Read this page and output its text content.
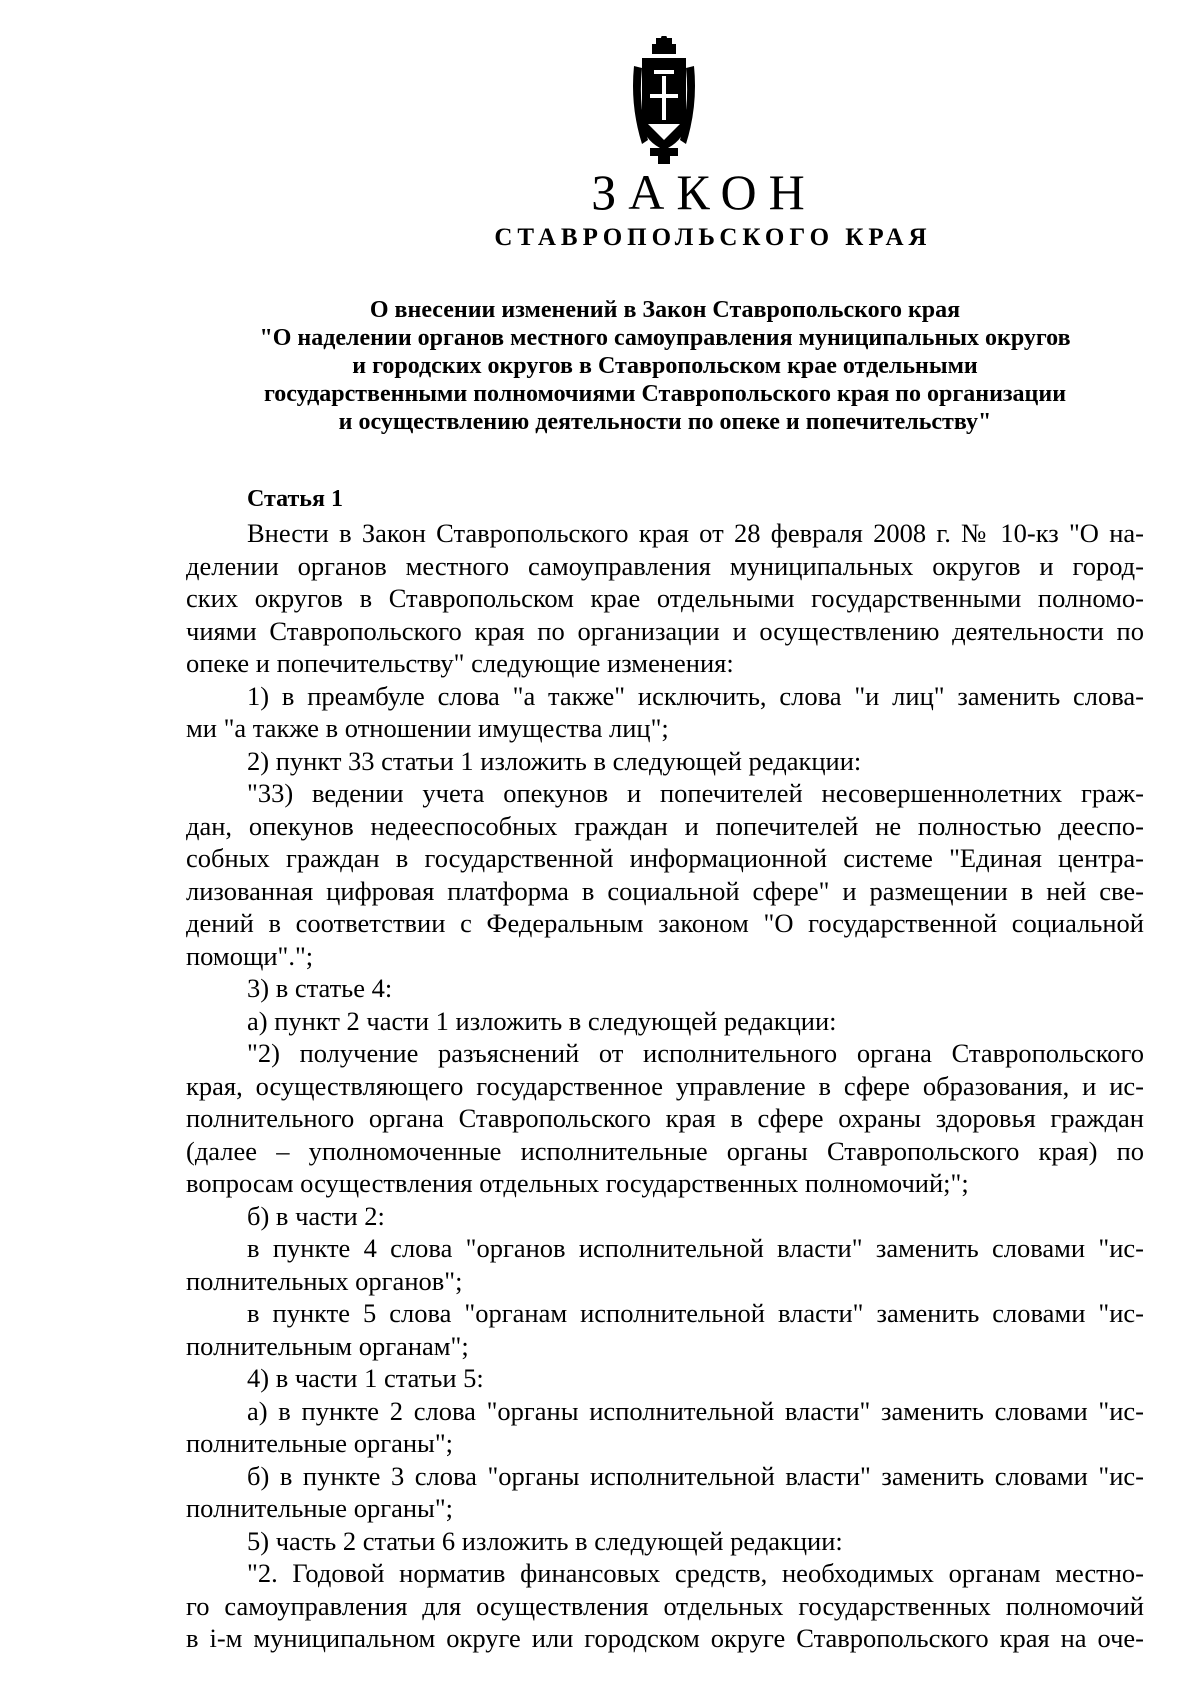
ЗАКОН
СТАВРОПОЛЬСКОГО КРАЯ
О внесении изменений в Закон Ставропольского края
"О наделении органов местного самоуправления муниципальных округов
и городских округов в Ставропольском крае отдельными
государственными полномочиями Ставропольского края по организации
и осуществлению деятельности по опеке и попечительству"
Статья 1
Внести в Закон Ставропольского края от 28 февраля 2008 г. № 10-кз "О на-
делении органов местного самоуправления муниципальных округов и город-
ских округов в Ставропольском крае отдельными государственными полномо-
чиями Ставропольского края по организации и осуществлению деятельности по
опеке и попечительству" следующие изменения:
1) в преамбуле слова "а также" исключить, слова "и лиц" заменить слова-
ми "а также в отношении имущества лиц";
2) пункт 33 статьи 1 изложить в следующей редакции:
"33) ведении учета опекунов и попечителей несовершеннолетних граж-
дан, опекунов недееспособных граждан и попечителей не полностью дееспо-
собных граждан в государственной информационной системе "Единая центра-
лизованная цифровая платформа в социальной сфере" и размещении в ней све-
дений в соответствии с Федеральным законом "О государственной социальной
помощи".";
3) в статье 4:
а) пункт 2 части 1 изложить в следующей редакции:
"2) получение разъяснений от исполнительного органа Ставропольского
края, осуществляющего государственное управление в сфере образования, и ис-
полнительного органа Ставропольского края в сфере охраны здоровья граждан
(далее – уполномоченные исполнительные органы Ставропольского края) по
вопросам осуществления отдельных государственных полномочий;";
б) в части 2:
в пункте 4 слова "органов исполнительной власти" заменить словами "ис-
полнительных органов";
в пункте 5 слова "органам исполнительной власти" заменить словами "ис-
полнительным органам";
4) в части 1 статьи 5:
а) в пункте 2 слова "органы исполнительной власти" заменить словами "ис-
полнительные органы";
б) в пункте 3 слова "органы исполнительной власти" заменить словами "ис-
полнительные органы";
5) часть 2 статьи 6 изложить в следующей редакции:
"2. Годовой норматив финансовых средств, необходимых органам местно-
го самоуправления для осуществления отдельных государственных полномочий
в i-м муниципальном округе или городском округе Ставропольского края на оче-
